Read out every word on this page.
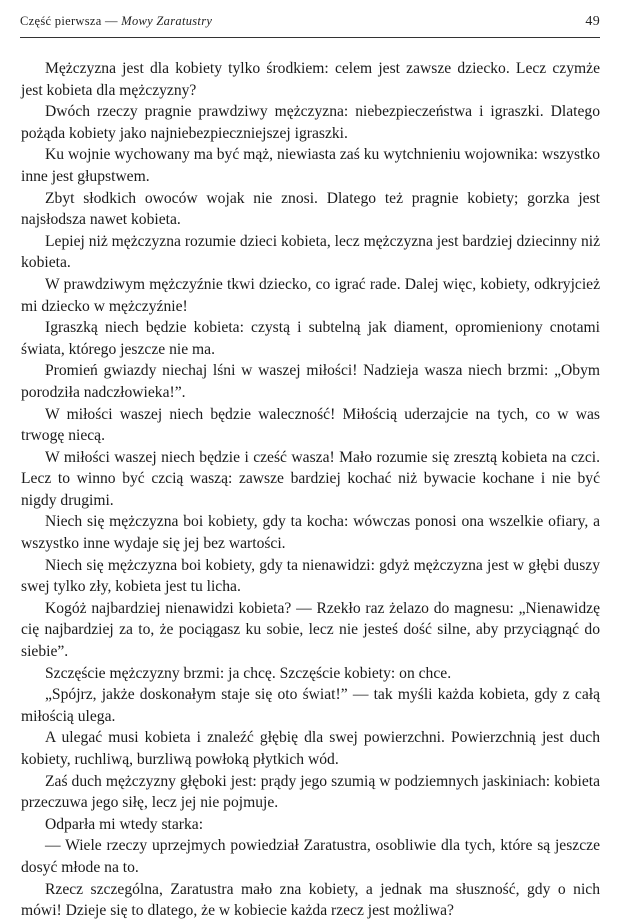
Część pierwsza — Mowy Zaratustry	49

Mężczyzna jest dla kobiety tylko środkiem: celem jest zawsze dziecko. Lecz czymże jest kobieta dla mężczyzny?

Dwóch rzeczy pragnie prawdziwy mężczyzna: niebezpieczeństwa i igraszki. Dlatego pożąda kobiety jako najniebezpieczniejszej igraszki.

Ku wojnie wychowany ma być mąż, niewiasta zaś ku wytchnieniu wojownika: wszystko inne jest głupstwem.

Zbyt słodkich owoców wojak nie znosi. Dlatego też pragnie kobiety; gorzka jest najsłodsza nawet kobieta.

Lepiej niż mężczyzna rozumie dzieci kobieta, lecz mężczyzna jest bardziej dziecinny niż kobieta.

W prawdziwym mężczyźnie tkwi dziecko, co igrać rade. Dalej więc, kobiety, odkryjcież mi dziecko w mężczyźnie!

Igraszką niech będzie kobieta: czystą i subtelną jak diament, opromieniony cnotami świata, którego jeszcze nie ma.

Promień gwiazdy niechaj lśni w waszej miłości! Nadzieja wasza niech brzmi: „Obym porodziła nadczłowieka!”.

W miłości waszej niech będzie waleczność! Miłością uderzajcie na tych, co w was trwogę niecą.

W miłości waszej niech będzie i cześć wasza! Mało rozumie się zresztą kobieta na czci. Lecz to winno być czcią waszą: zawsze bardziej kochać niż bywacie kochane i nie być nigdy drugimi.

Niech się mężczyzna boi kobiety, gdy ta kocha: wówczas ponosi ona wszelkie ofiary, a wszystko inne wydaje się jej bez wartości.

Niech się mężczyzna boi kobiety, gdy ta nienawidzi: gdyż mężczyzna jest w głębi duszy swej tylko zły, kobieta jest tu licha.

Kogóż najbardziej nienawidzi kobieta? — Rzekło raz żelazo do magnesu: „Nienawidzę cię najbardziej za to, że pociągasz ku sobie, lecz nie jesteś dość silne, aby przyciągnąć do siebie”.

Szczęście mężczyzny brzmi: ja chcę. Szczęście kobiety: on chce.

„Spójrz, jakże doskonałym staje się oto świat!” — tak myśli każda kobieta, gdy z całą miłością ulega.

A ulegać musi kobieta i znaleźć głębię dla swej powierzchni. Powierzchnią jest duch kobiety, ruchliwą, burzliwą powłoką płytkich wód.

Zaś duch mężczyzny głęboki jest: prądy jego szumią w podziemnych jaskiniach: kobieta przeczuwa jego siłę, lecz jej nie pojmuje.

Odparła mi wtedy starka:

— Wiele rzeczy uprzejmych powiedział Zaratustra, osobliwie dla tych, które są jeszcze dosyć młode na to.

Rzecz szczególna, Zaratustra mało zna kobiety, a jednak ma słuszność, gdy o nich mówi! Dzieje się to dlatego, że w kobiecie każda rzecz jest możliwa?
